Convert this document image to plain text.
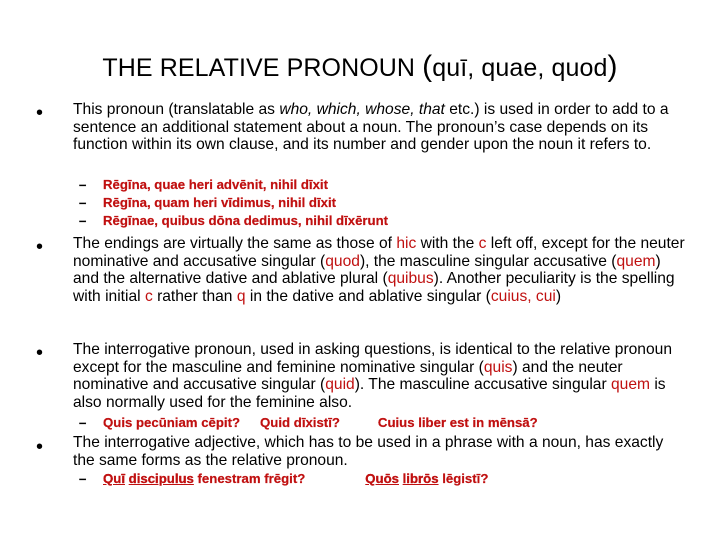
THE RELATIVE PRONOUN (quī, quae, quod)
• This pronoun (translatable as who, which, whose, that etc.) is used in order to add to a sentence an additional statement about a noun. The pronoun’s case depends on its function within its own clause, and its number and gender upon the noun it refers to.
– Rēgīna, quae heri advēnit, nihil dīxit
– Rēgīna, quam heri vīdimus, nihil dīxit
– Rēgīnae, quibus dōna dedimus, nihil dīxērunt
• The endings are virtually the same as those of hic with the c left off, except for the neuter nominative and accusative singular (quod), the masculine singular accusative (quem) and the alternative dative and ablative plural (quibus). Another peculiarity is the spelling with initial c rather than q in the dative and ablative singular (cuius, cui)
• The interrogative pronoun, used in asking questions, is identical to the relative pronoun except for the masculine and feminine nominative singular (quis) and the neuter nominative and accusative singular (quid). The masculine accusative singular quem is also normally used for the feminine also.
– Quis pecūniam cēpit? Quid dīxistī?	Cuius liber est in mēnsā?
• The interrogative adjective, which has to be used in a phrase with a noun, has exactly the same forms as the relative pronoun.
– Quī discipulus fenestram frēgit?	Quōs librōs lēgistī?
